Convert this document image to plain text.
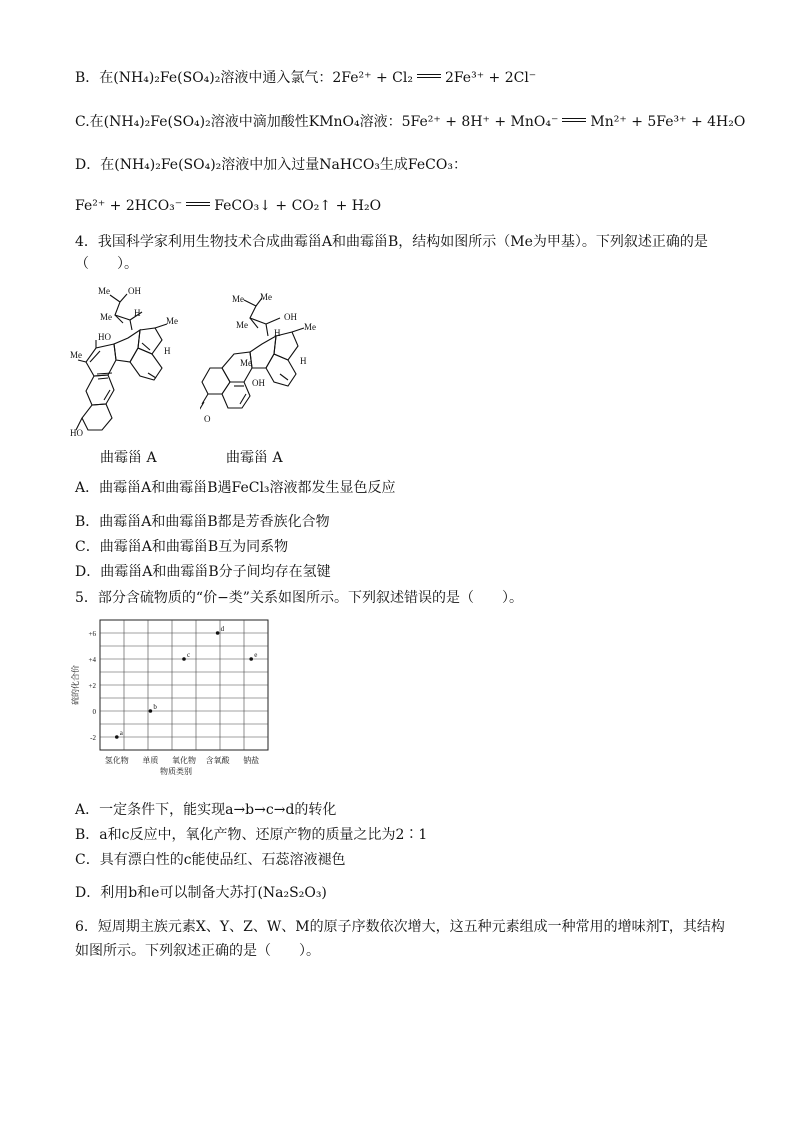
B．在(NH₄)₂Fe(SO₄)₂溶液中通入氯气：2Fe²⁺ + Cl₂ 2Fe³⁺ + 2Cl⁻
C.在(NH₄)₂Fe(SO₄)₂溶液中滴加酸性KMnO₄溶液：5Fe²⁺ + 8H⁺ + MnO₄⁻ Mn²⁺ + 5Fe³⁺ + 4H₂O
D．在(NH₄)₂Fe(SO₄)₂溶液中加入过量NaHCO₃生成FeCO₃：
Fe²⁺ + 2HCO₃⁻ FeCO₃↓ + CO₂↑ + H₂O
4．我国科学家利用生物技术合成曲霉甾A和曲霉甾B，结构如图所示（Me为甲基）。下列叙述正确的是
（　　）。
Me OH
Me H
Me
HO
H
Me
HO
Me Me
OH
Me
H
Me
H
Me
OH
O
曲霉甾 A	曲霉甾 A
A．曲霉甾A和曲霉甾B遇FeCl₃溶液都发生显色反应
B．曲霉甾A和曲霉甾B都是芳香族化合物
C．曲霉甾A和曲霉甾B互为同系物
D．曲霉甾A和曲霉甾B分子间均存在氢键
5．部分含硫物质的“价−类”关系如图所示。下列叙述错误的是（　　）。
+6
+4
+2
0
-2
硫的化合价
氢化物 单质 氧化物 含氧酸 钠盐
物质类别
a
b
c
d
e
A．一定条件下，能实现a→b→c→d的转化
B．a和c反应中，氧化产物、还原产物的质量之比为2∶1
C．具有漂白性的c能使品红、石蕊溶液褪色
D．利用b和e可以制备大苏打(Na₂S₂O₃)
6．短周期主族元素X、Y、Z、W、M的原子序数依次增大，这五种元素组成一种常用的增味剂T，其结构
如图所示。下列叙述正确的是（　　）。
